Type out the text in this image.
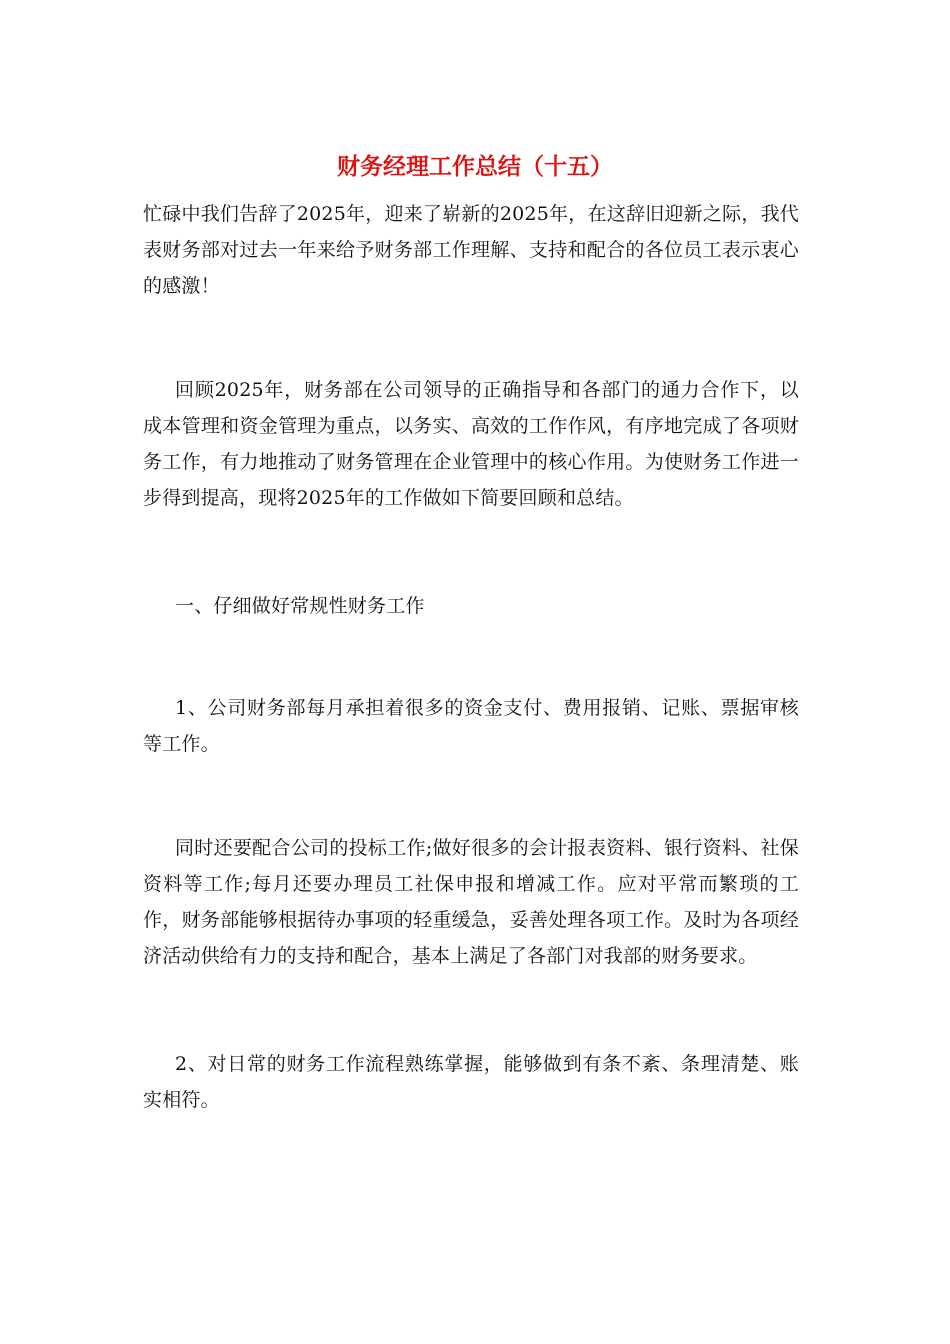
财务经理工作总结（十五）

忙碌中我们告辞了2025年，迎来了崭新的2025年，在这辞旧迎新之际，我代表财务部对过去一年来给予财务部工作理解、支持和配合的各位员工表示衷心的感激！

回顾2025年，财务部在公司领导的正确指导和各部门的通力合作下，以成本管理和资金管理为重点，以务实、高效的工作作风，有序地完成了各项财务工作，有力地推动了财务管理在企业管理中的核心作用。为使财务工作进一步得到提高，现将2025年的工作做如下简要回顾和总结。

一、仔细做好常规性财务工作

1、公司财务部每月承担着很多的资金支付、费用报销、记账、票据审核等工作。

同时还要配合公司的投标工作;做好很多的会计报表资料、银行资料、社保资料等工作;每月还要办理员工社保申报和增减工作。应对平常而繁琐的工作，财务部能够根据待办事项的轻重缓急，妥善处理各项工作。及时为各项经济活动供给有力的支持和配合，基本上满足了各部门对我部的财务要求。

2、对日常的财务工作流程熟练掌握，能够做到有条不紊、条理清楚、账实相符。
